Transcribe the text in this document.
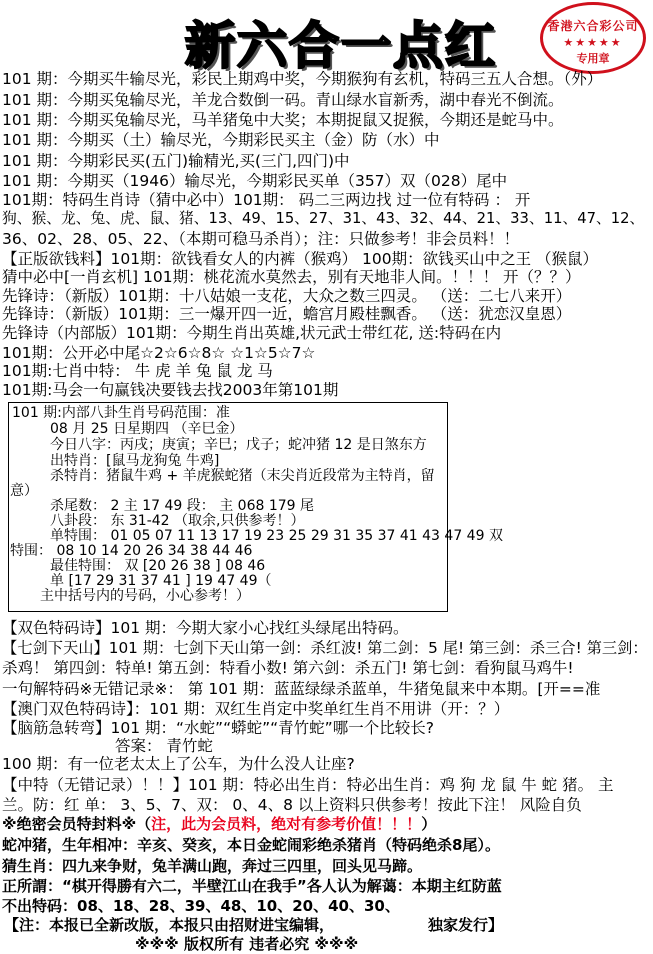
新六合一点红	香港六合彩公司
★★★★★
专用章
101 期：今期买牛输尽光，彩民上期鸡中奖，今期猴狗有玄机，特码三五人合想。（外）
101 期：今期买兔输尽光，羊龙合数倒一码。青山绿水盲新秀，湖中春光不倒流。
101 期：今期买兔输尽光，马羊猪兔中大奖；本期捉鼠又捉猴，今期还是蛇马中。
101 期：今期买（土）输尽光，今期彩民买主（金）防（水）中
101 期：今期彩民买(五门)输精光,买(三门,四门)中
101 期：今期买（1946）输尽光，今期彩民买单（357）双（028）尾中
101期：特码生肖诗（猜中必中）101期： 码二三两边找 过一位有特码 ： 开
狗、猴、龙、兔、虎、鼠、猪、13、49、15、27、31、43、32、44、21、33、11、47、12、
36、02、28、05、22、（本期可稳马杀肖）；注：只做参考！非会员料！！
【正版欲钱料】101期：欲钱看女人的内裤（猴鸡） 100期：欲钱买山中之王 （猴鼠）
猜中必中[一肖玄机] 101期：桃花流水莫然去，别有天地非人间。！！！ 开（？？）
先锋诗：（新版）101期：十八姑娘一支花，大众之数三四灵。 （送：二七八来开）
先锋诗：（新版）101期：三一爆开四一近，蟾宫月殿桂飘香。 （送：犹恋汉皇恩）
先锋诗（内部版）101期：今期生肖出英雄,状元武士带红花, 送:特码在内
101期：公开必中尾☆2☆6☆8☆ ☆1☆5☆7☆
101期:七肖中特： 牛 虎 羊 兔 鼠 龙 马
101期:马会一句赢钱决要钱去找2003年第101期
101 期:内部八卦生肖号码范围：准
08 月 25 日星期四 （辛巳金）
今日八字：丙戌；庚寅；辛巳；戊子；蛇冲猪 12 是日煞东方
出特肖：[鼠马龙狗兔 牛鸡]
杀特肖：猪鼠牛鸡 + 羊虎猴蛇猪（末尖肖近段常为主特肖，留
意）
杀尾数： 2 主 17 49 段： 主 068 179 尾
八卦段： 东 31-42 （取余,只供参考！）
单特围： 01 05 07 11 13 17 19 23 25 29 31 35 37 41 43 47 49 双
特围： 08 10 14 20 26 34 38 44 46
最佳特围： 双 [20 26 38 ] 08 46
单 [17 29 31 37 41 ] 19 47 49（
主中括号内的号码，小心参考！）
【双色特码诗】101 期：今期大家小心找红头绿尾出特码。
【七剑下天山】101 期：七剑下天山第一剑：杀红波! 第二剑：5 尾! 第三剑：杀三合! 第三剑：
杀鸡！ 第四剑：特单! 第五剑：特看小数! 第六剑：杀五门! 第七剑：看狗鼠马鸡牛!
一句解特码※无错记录※： 第 101 期：蓝蓝绿绿杀蓝单，牛猪兔鼠来中本期。[开==准
【澳门双色特码诗】：101 期：双红生肖定中奖单红生肖不用讲（开：？）
【脑筋急转弯】101 期：“水蛇”“蟒蛇”“青竹蛇”哪一个比较长?
答案： 青竹蛇
100 期：有一位老太太上了公车，为什么没人让座?
【中特（无错记录）！！】101 期：特必出生肖：特必出生肖：鸡 狗 龙 鼠 牛 蛇 猪。 主
兰。防：红 单： 3、5、7、双： 0、4、8 以上资料只供参考！按此下注！ 风险自负
※绝密会员特封料※（注，此为会员料，绝对有参考价值！！！）
蛇冲猪，生年相冲：辛亥、癸亥，本日金蛇闹彩绝杀猪肖（特码绝杀8尾）。
猜生肖：四九来争财，兔羊满山跑，奔过三四里，回头见马蹄。
正所謂：“棋开得勝有六二，半壁江山在我手”各人认为解蔼：本期主红防蓝
不出特码：08、18、28、39、48、10、20、40、30、
【注：本报已全新改版，本报只由招财进宝编辑，	独家发行】
※※※ 版权所有 违者必究 ※※※
